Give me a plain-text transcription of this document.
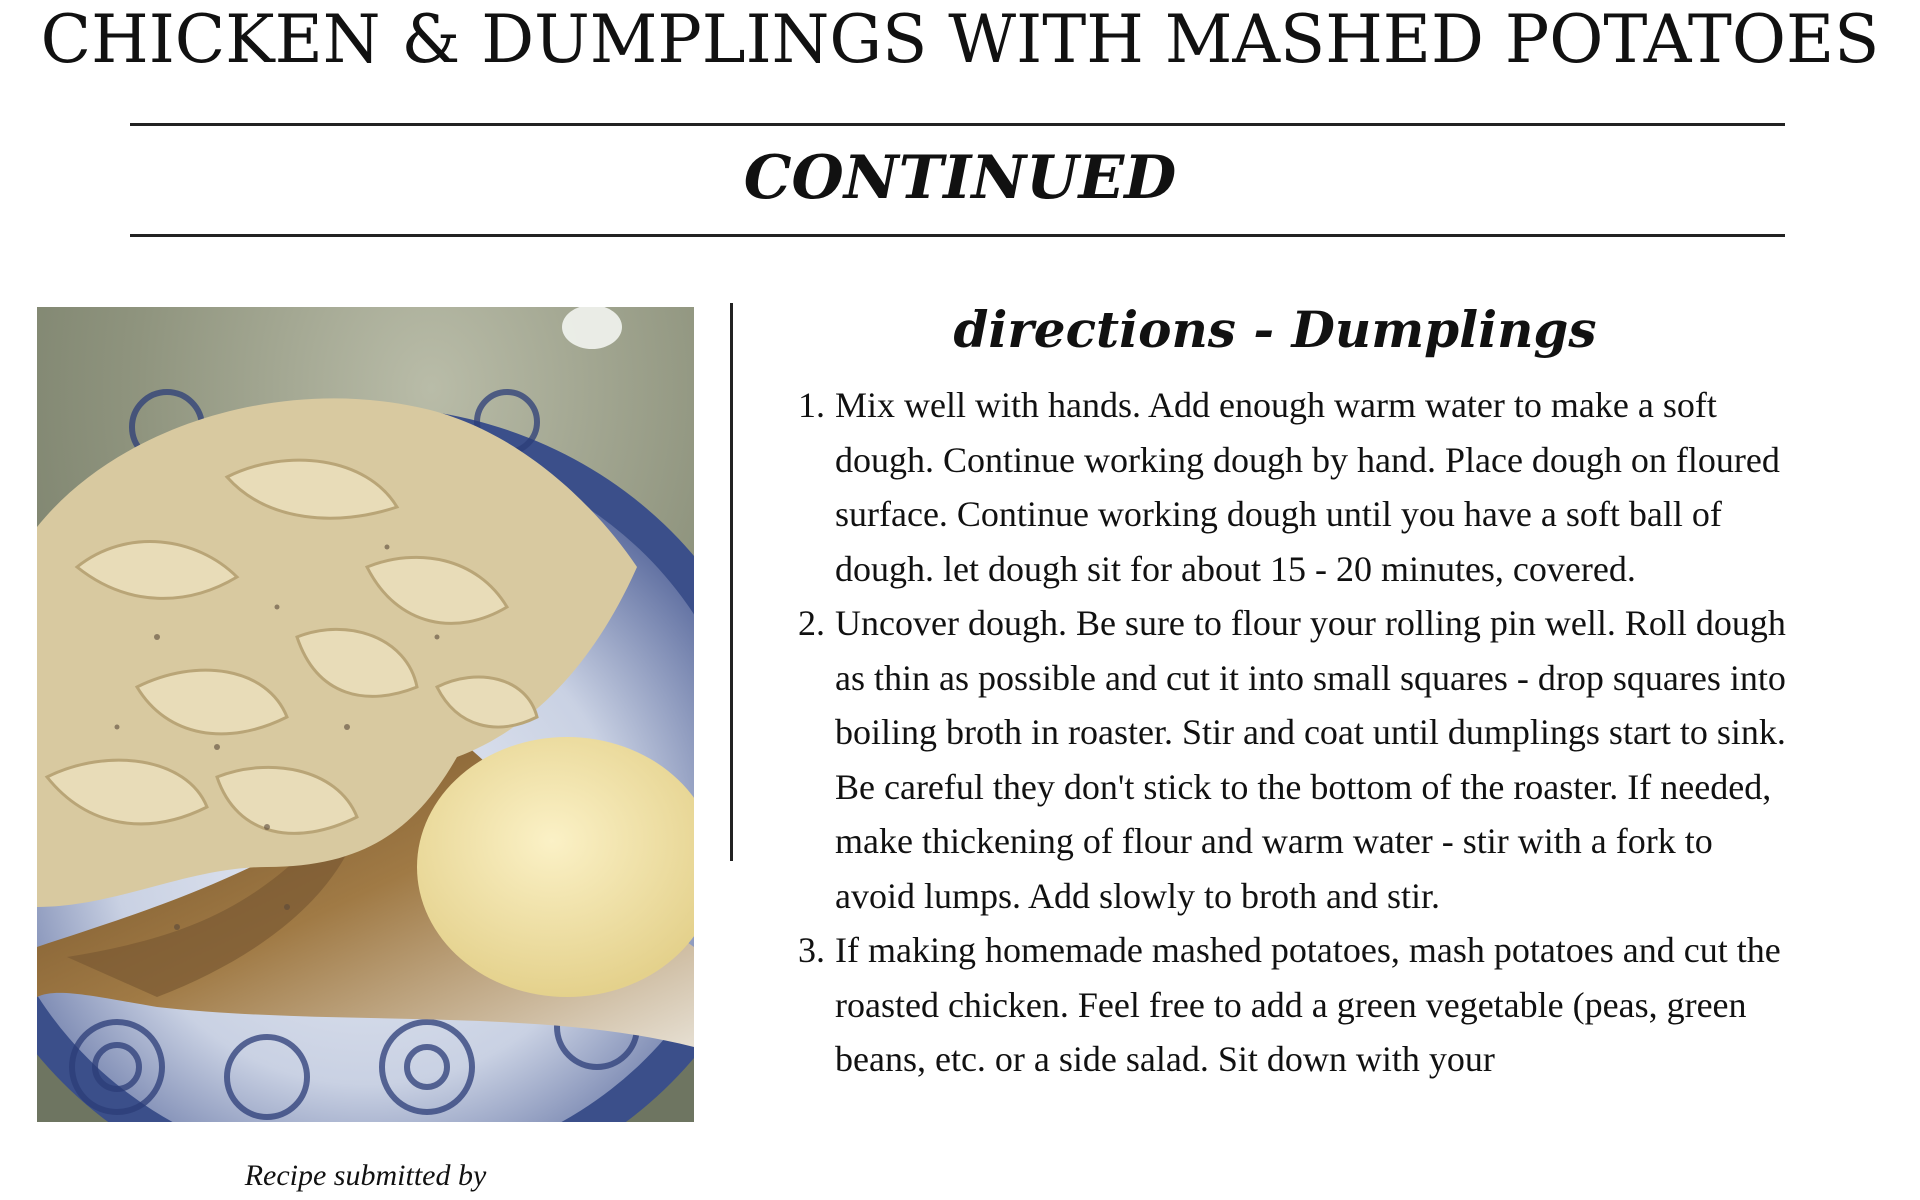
CHICKEN & DUMPLINGS WITH MASHED POTATOES
CONTINUED
Recipe submitted by
directions - Dumplings
1. Mix well with hands. Add enough warm water to make a soft dough. Continue working dough by hand. Place dough on floured surface. Continue working dough until you have a soft ball of dough. let dough sit for about 15 - 20 minutes, covered.
2. Uncover dough. Be sure to flour your rolling pin well. Roll dough as thin as possible and cut it into small squares - drop squares into boiling broth in roaster. Stir and coat until dumplings start to sink. Be careful they don't stick to the bottom of the roaster. If needed, make thickening of flour and warm water - stir with a fork to avoid lumps. Add slowly to broth and stir.
3. If making homemade mashed potatoes, mash potatoes and cut the roasted chicken. Feel free to add a green vegetable (peas, green beans, etc. or a side salad. Sit down with your
